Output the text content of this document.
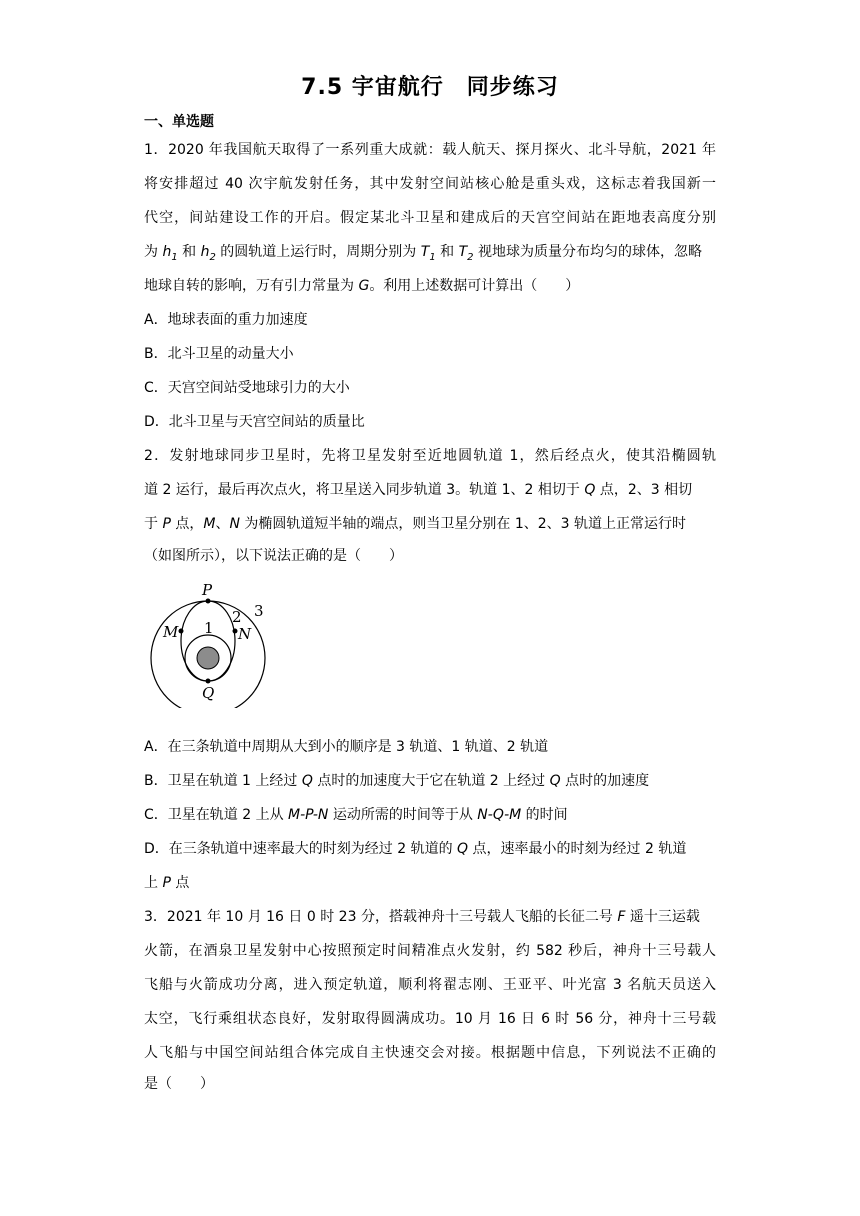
7.5 宇宙航行　同步练习
一、单选题
1．2020 年我国航天取得了一系列重大成就：载人航天、探月探火、北斗导航，2021 年
将安排超过 40 次宇航发射任务，其中发射空间站核心舱是重头戏，这标志着我国新一
代空，间站建设工作的开启。假定某北斗卫星和建成后的天宫空间站在距地表高度分别
为 $h_1$ 和 $h_2$ 的圆轨道上运行时，周期分别为 $T_1$ 和 $T_2$ 视地球为质量分布均匀的球体，忽略
地球自转的影响，万有引力常量为 G。利用上述数据可计算出（　　）
A．地球表面的重力加速度
B．北斗卫星的动量大小
C．天宫空间站受地球引力的大小
D．北斗卫星与天宫空间站的质量比
2．发射地球同步卫星时，先将卫星发射至近地圆轨道 1，然后经点火，使其沿椭圆轨
道 2 运行，最后再次点火，将卫星送入同步轨道 3。轨道 1、2 相切于 Q 点，2、3 相切
于 P 点，M、N 为椭圆轨道短半轴的端点，则当卫星分别在 1、2、3 轨道上正常运行时
（如图所示），以下说法正确的是（　　）
P
M	N
Q
1
2 3
A．在三条轨道中周期从大到小的顺序是 3 轨道、1 轨道、2 轨道
B．卫星在轨道 1 上经过 Q 点时的加速度大于它在轨道 2 上经过 Q 点时的加速度
C．卫星在轨道 2 上从 M-P-N 运动所需的时间等于从 N-Q-M 的时间
D．在三条轨道中速率最大的时刻为经过 2 轨道的 Q 点，速率最小的时刻为经过 2 轨道
上 P 点
3．2021 年 10 月 16 日 0 时 23 分，搭载神舟十三号载人飞船的长征二号 F 遥十三运载
火箭，在酒泉卫星发射中心按照预定时间精准点火发射，约 582 秒后，神舟十三号载人
飞船与火箭成功分离，进入预定轨道，顺利将翟志刚、王亚平、叶光富 3 名航天员送入
太空，飞行乘组状态良好，发射取得圆满成功。10 月 16 日 6 时 56 分，神舟十三号载
人飞船与中国空间站组合体完成自主快速交会对接。根据题中信息，下列说法不正确的
是（　　）
